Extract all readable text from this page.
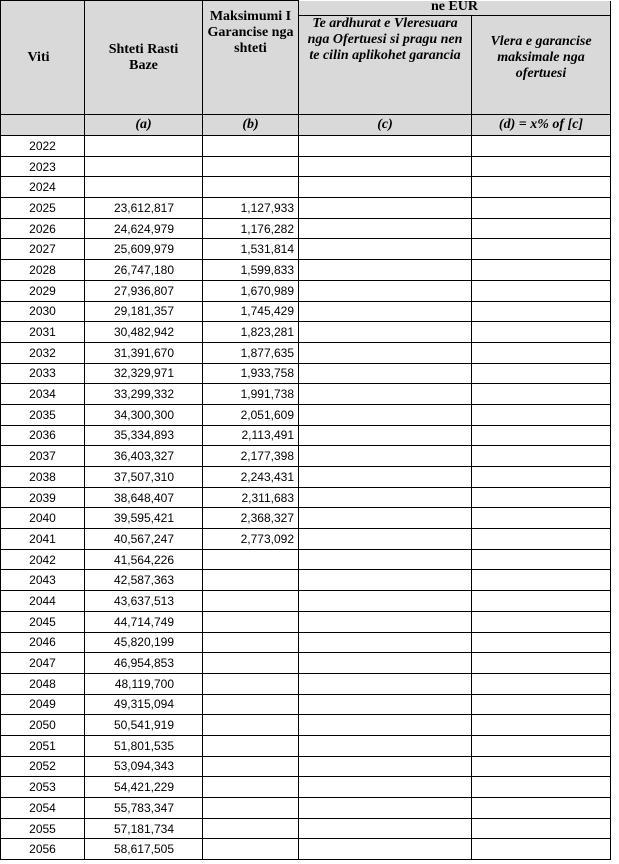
Viti	Shteti Rasti Baze	Maksimumi I Garancise nga shteti	ne EUR	
			Te ardhurat e Vleresuara nga Ofertuesi si pragu nen te cilin aplikohet garancia	Vlera e garancise maksimale nga ofertuesi
	(a)	(b)	(c)	(d) = x% of [c]
2022				
2023				
2024				
2025	23,612,817	1,127,933		
2026	24,624,979	1,176,282		
2027	25,609,979	1,531,814		
2028	26,747,180	1,599,833		
2029	27,936,807	1,670,989		
2030	29,181,357	1,745,429		
2031	30,482,942	1,823,281		
2032	31,391,670	1,877,635		
2033	32,329,971	1,933,758		
2034	33,299,332	1,991,738		
2035	34,300,300	2,051,609		
2036	35,334,893	2,113,491		
2037	36,403,327	2,177,398		
2038	37,507,310	2,243,431		
2039	38,648,407	2,311,683		
2040	39,595,421	2,368,327		
2041	40,567,247	2,773,092		
2042	41,564,226			
2043	42,587,363			
2044	43,637,513			
2045	44,714,749			
2046	45,820,199			
2047	46,954,853			
2048	48,119,700			
2049	49,315,094			
2050	50,541,919			
2051	51,801,535			
2052	53,094,343			
2053	54,421,229			
2054	55,783,347			
2055	57,181,734			
2056	58,617,505			
